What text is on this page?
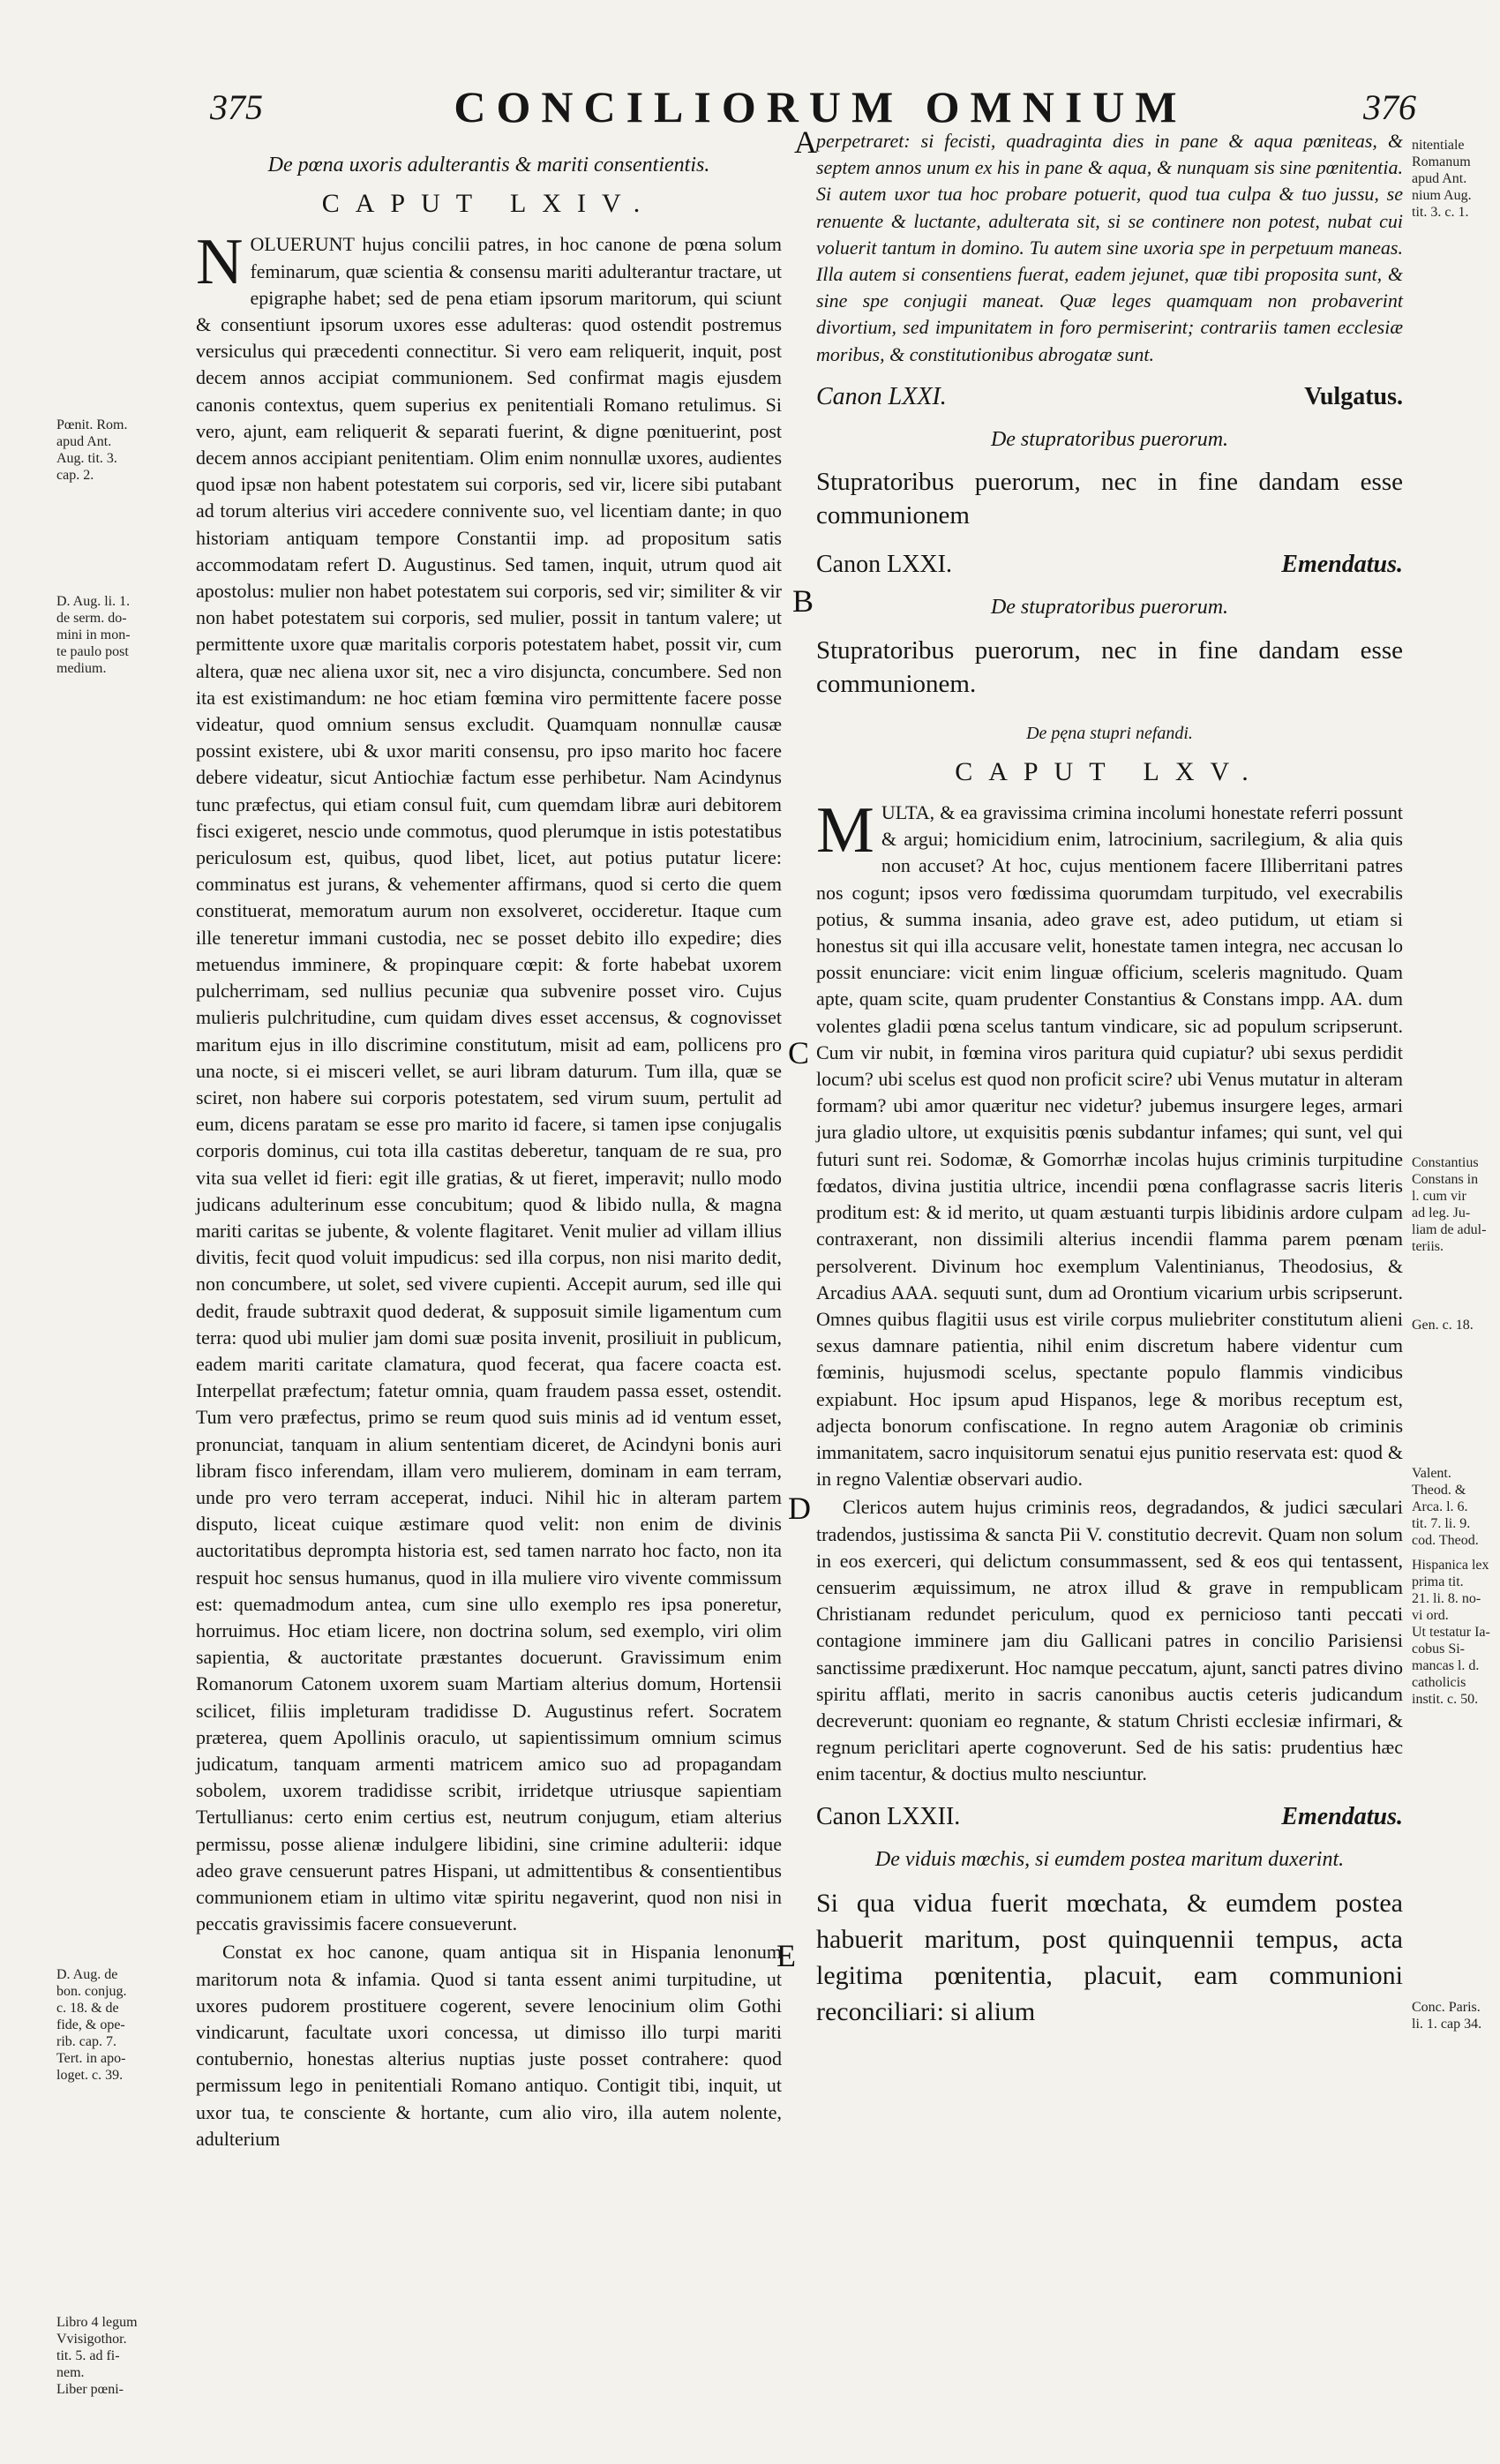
375	CONCILIORUM OMNIUM	376
A
B
C
D
E
Pœnit. Rom.
apud Ant.
Aug. tit. 3.
cap. 2.
D. Aug. li. 1.
de serm. do-
mini in mon-
te paulo post
medium.
D. Aug. de
bon. conjug.
c. 18. & de
fide, & ope-
rib. cap. 7.
Tert. in apo-
loget. c. 39.
Libro 4 legum
Vvisigothor.
tit. 5. ad fi-
nem.
Liber pœni-
nitentiale
Romanum
apud Ant.
nium Aug.
tit. 3. c. 1.
Constantius
Constans in
l. cum vir
ad leg. Ju-
liam de adul-
teriis.
Gen. c. 18.
Valent.
Theod. &
Arca. l. 6.
tit. 7. li. 9.
cod. Theod.
Hispanica lex
prima tit.
21. li. 8. no-
vi ord.
Ut testatur Ia-
cobus Si-
mancas l. d.
catholicis
instit. c. 50.
Conc. Paris.
li. 1. cap 34.
De pœna uxoris adulterantis & mariti consentientis.
CAPUT LXIV.

N OLUERUNT hujus concilii patres, in hoc canone de pœna solum feminarum, quæ scientia & consensu mariti adulterantur tractare, ut epigraphe habet; sed de pena etiam ipsorum maritorum, qui sciunt & consentiunt ipsorum uxores esse adulteras: quod ostendit postremus versiculus qui præcedenti connectitur. Si vero eam reliquerit, inquit, post decem annos accipiat communionem. Sed confirmat magis ejusdem canonis contextus, quem superius ex penitentiali Romano retulimus. Si vero, ajunt, eam reliquerit & separati fuerint, & digne pœnituerint, post decem annos accipiant penitentiam. Olim enim nonnullæ uxores, audientes quod ipsæ non habent potestatem sui corporis, sed vir, licere sibi putabant ad torum alterius viri accedere connivente suo, vel licentiam dante; in quo historiam antiquam tempore Constantii imp. ad propositum satis accommodatam refert D. Augustinus. Sed tamen, inquit, utrum quod ait apostolus: mulier non habet potestatem sui corporis, sed vir; similiter & vir non habet potestatem sui corporis, sed mulier, possit in tantum valere; ut permittente uxore quæ maritalis corporis potestatem habet, possit vir, cum altera, quæ nec aliena uxor sit, nec a viro disjuncta, concumbere. Sed non ita est existimandum: ne hoc etiam fœmina viro permittente facere posse videatur, quod omnium sensus excludit. Quamquam nonnullæ causæ possint existere, ubi & uxor mariti consensu, pro ipso marito hoc facere debere videatur, sicut Antiochiæ factum esse perhibetur. Nam Acindynus tunc præfectus, qui etiam consul fuit, cum quemdam libræ auri debitorem fisci exigeret, nescio unde commotus, quod plerumque in istis potestatibus periculosum est, quibus, quod libet, licet, aut potius putatur licere: comminatus est jurans, & vehementer affirmans, quod si certo die quem constituerat, memoratum aurum non exsolveret, occideretur. Itaque cum ille teneretur immani custodia, nec se posset debito illo expedire; dies metuendus imminere, & propinquare cœpit: & forte habebat uxorem pulcherrimam, sed nullius pecuniæ qua subvenire posset viro. Cujus mulieris pulchritudine, cum quidam dives esset accensus, & cognovisset maritum ejus in illo discrimine constitutum, misit ad eam, pollicens pro una nocte, si ei misceri vellet, se auri libram daturum. Tum illa, quæ se sciret, non habere sui corporis potestatem, sed virum suum, pertulit ad eum, dicens paratam se esse pro marito id facere, si tamen ipse conjugalis corporis dominus, cui tota illa castitas deberetur, tanquam de re sua, pro vita sua vellet id fieri: egit ille gratias, & ut fieret, imperavit; nullo modo judicans adulterinum esse concubitum; quod & libido nulla, & magna mariti caritas se jubente, & volente flagitaret. Venit mulier ad villam illius divitis, fecit quod voluit impudicus: sed illa corpus, non nisi marito dedit, non concumbere, ut solet, sed vivere cupienti. Accepit aurum, sed ille qui dedit, fraude subtraxit quod dederat, & supposuit simile ligamentum cum terra: quod ubi mulier jam domi suæ posita invenit, prosiliuit in publicum, eadem mariti caritate clamatura, quod fecerat, qua facere coacta est. Interpellat præfectum; fatetur omnia, quam fraudem passa esset, ostendit. Tum vero præfectus, primo se reum quod suis minis ad id ventum esset, pronunciat, tanquam in alium sententiam diceret, de Acindyni bonis auri libram fisco inferendam, illam vero mulierem, dominam in eam terram, unde pro vero terram acceperat, induci. Nihil hic in alteram partem disputo, liceat cuique æstimare quod velit: non enim de divinis auctoritatibus deprompta historia est, sed tamen narrato hoc facto, non ita respuit hoc sensus humanus, quod in illa muliere viro vivente commissum est: quemadmodum antea, cum sine ullo exemplo res ipsa poneretur, horruimus. Hoc etiam licere, non doctrina solum, sed exemplo, viri olim sapientia, & auctoritate præstantes docuerunt. Gravissimum enim Romanorum Catonem uxorem suam Martiam alterius domum, Hortensii scilicet, filiis impleturam tradidisse D. Augustinus refert. Socratem præterea, quem Apollinis oraculo, ut sapientissimum omnium scimus judicatum, tanquam armenti matricem amico suo ad propagandam sobolem, uxorem tradidisse scribit, irridetque utriusque sapientiam Tertullianus: certo enim certius est, neutrum conjugum, etiam alterius permissu, posse alienæ indulgere libidini, sine crimine adulterii: idque adeo grave censuerunt patres Hispani, ut admittentibus & consentientibus communionem etiam in ultimo vitæ spiritu negaverint, quod non nisi in peccatis gravissimis facere consueverunt.

Constat ex hoc canone, quam antiqua sit in Hispania lenonum maritorum nota & infamia. Quod si tanta essent animi turpitudine, ut uxores pudorem prostituere cogerent, severe lenocinium olim Gothi vindicarunt, facultate uxori concessa, ut dimisso illo turpi mariti contubernio, honestas alterius nuptias juste posset contrahere: quod permissum lego in penitentiali Romano antiquo. Contigit tibi, inquit, ut uxor tua, te consciente & hortante, cum alio viro, illa autem nolente, adulterium

perpetraret: si fecisti, quadraginta dies in pane & aqua pœniteas, & septem annos unum ex his in pane & aqua, & nunquam sis sine pœnitentia. Si autem uxor tua hoc probare potuerit, quod tua culpa & tuo jussu, se renuente & luctante, adulterata sit, si se continere non potest, nubat cui voluerit tantum in domino. Tu autem sine uxoria spe in perpetuum maneas. Illa autem si consentiens fuerat, eadem jejunet, quæ tibi proposita sunt, & sine spe conjugii maneat. Quæ leges quamquam non probaverint divortium, sed impunitatem in foro permiserint; contrariis tamen ecclesiæ moribus, & constitutionibus abrogatæ sunt.

Canon LXXI.	Vulgatus.
De stupratoribus puerorum.
Stupratoribus puerorum, nec in fine dandam esse communionem
Canon LXXI.	Emendatus.
De stupratoribus puerorum.
Stupratoribus puerorum, nec in fine dandam esse communionem.
De pęna stupri nefandi.
CAPUT LXV.

M ULTA, & ea gravissima crimina incolumi honestate referri possunt & argui; homicidium enim, latrocinium, sacrilegium, & alia quis non accuset? At hoc, cujus mentionem facere Illiberritani patres nos cogunt; ipsos vero fœdissima quorumdam turpitudo, vel execrabilis potius, & summa insania, adeo grave est, adeo putidum, ut etiam si honestus sit qui illa accusare velit, honestate tamen integra, nec accusan lo possit enunciare: vicit enim linguæ officium, sceleris magnitudo. Quam apte, quam scite, quam prudenter Constantius & Constans impp. AA. dum volentes gladii pœna scelus tantum vindicare, sic ad populum scripserunt. Cum vir nubit, in fœmina viros paritura quid cupiatur? ubi sexus perdidit locum? ubi scelus est quod non proficit scire? ubi Venus mutatur in alteram formam? ubi amor quæritur nec videtur? jubemus insurgere leges, armari jura gladio ultore, ut exquisitis pœnis subdantur infames; qui sunt, vel qui futuri sunt rei. Sodomæ, & Gomorrhæ incolas hujus criminis turpitudine fœdatos, divina justitia ultrice, incendii pœna conflagrasse sacris literis proditum est: & id merito, ut quam æstuanti turpis libidinis ardore culpam contraxerant, non dissimili alterius incendii flamma parem pœnam persolverent. Divinum hoc exemplum Valentinianus, Theodosius, & Arcadius AAA. sequuti sunt, dum ad Orontium vicarium urbis scripserunt. Omnes quibus flagitii usus est virile corpus muliebriter constitutum alieni sexus damnare patientia, nihil enim discretum habere videntur cum fœminis, hujusmodi scelus, spectante populo flammis vindicibus expiabunt. Hoc ipsum apud Hispanos, lege & moribus receptum est, adjecta bonorum confiscatione. In regno autem Aragoniæ ob criminis immanitatem, sacro inquisitorum senatui ejus punitio reservata est: quod & in regno Valentiæ observari audio.

Clericos autem hujus criminis reos, degradandos, & judici sæculari tradendos, justissima & sancta Pii V. constitutio decrevit. Quam non solum in eos exerceri, qui delictum consummassent, sed & eos qui tentassent, censuerim æquissimum, ne atrox illud & grave in rempublicam Christianam redundet periculum, quod ex pernicioso tanti peccati contagione imminere jam diu Gallicani patres in concilio Parisiensi sanctissime prædixerunt. Hoc namque peccatum, ajunt, sancti patres divino spiritu afflati, merito in sacris canonibus auctis ceteris judicandum decreverunt: quoniam eo regnante, & statum Christi ecclesiæ infirmari, & regnum periclitari aperte cognoverunt. Sed de his satis: prudentius hæc enim tacentur, & doctius multo nesciuntur.

Canon LXXII.	Emendatus.
De viduis mœchis, si eumdem postea maritum duxerint.
Si qua vidua fuerit mœchata, & eumdem postea habuerit maritum, post quinquennii tempus, acta legitima pœnitentia, placuit, eam communioni reconciliari: si alium
